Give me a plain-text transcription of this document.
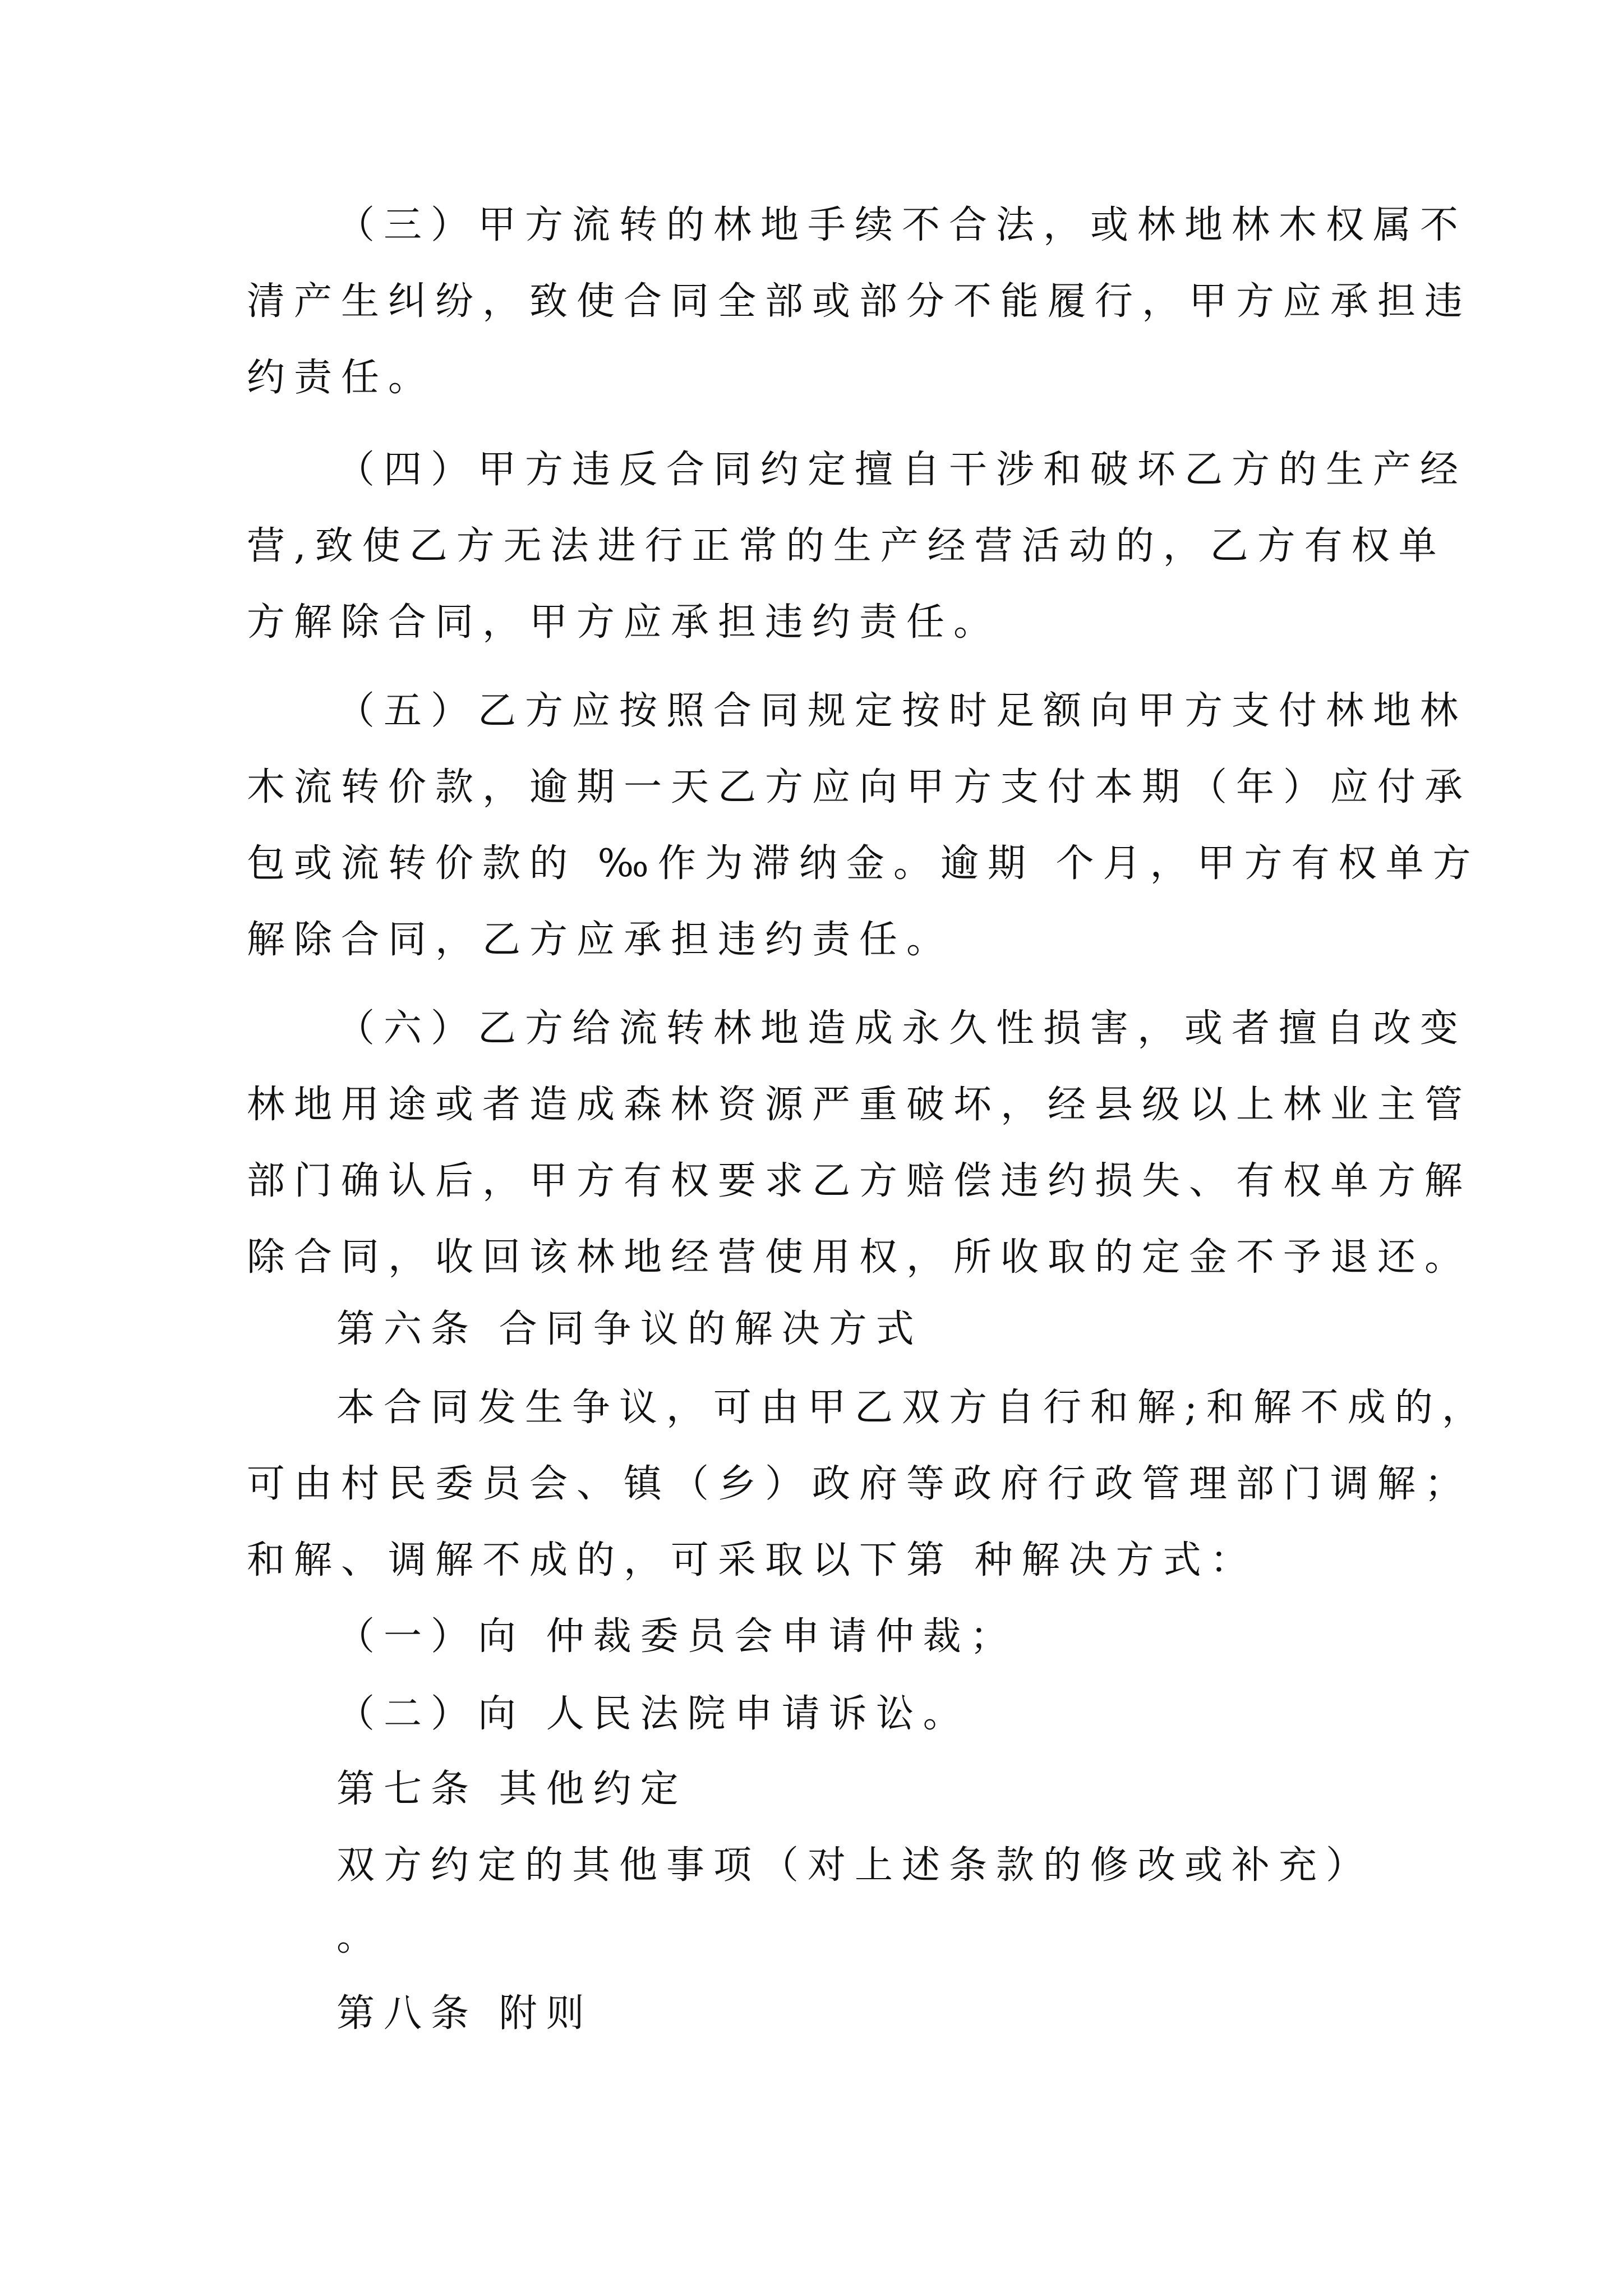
（三）甲方流转的林地手续不合法，或林地林木权属不
清产生纠纷，致使合同全部或部分不能履行，甲方应承担违
约责任。
（四）甲方违反合同约定擅自干涉和破坏乙方的生产经
营,致使乙方无法进行正常的生产经营活动的，乙方有权单
方解除合同，甲方应承担违约责任。
（五）乙方应按照合同规定按时足额向甲方支付林地林
木流转价款，逾期一天乙方应向甲方支付本期（年）应付承
包或流转价款的 ‰作为滞纳金。逾期 个月，甲方有权单方
解除合同，乙方应承担违约责任。
（六）乙方给流转林地造成永久性损害，或者擅自改变
林地用途或者造成森林资源严重破坏，经县级以上林业主管
部门确认后，甲方有权要求乙方赔偿违约损失、有权单方解
除合同，收回该林地经营使用权，所收取的定金不予退还。
第六条 合同争议的解决方式
本合同发生争议，可由甲乙双方自行和解;和解不成的，
可由村民委员会、镇（乡）政府等政府行政管理部门调解；
和解、调解不成的，可采取以下第 种解决方式：
（一）向 仲裁委员会申请仲裁；
（二）向 人民法院申请诉讼。
第七条 其他约定
双方约定的其他事项（对上述条款的修改或补充）
。
第八条 附则
